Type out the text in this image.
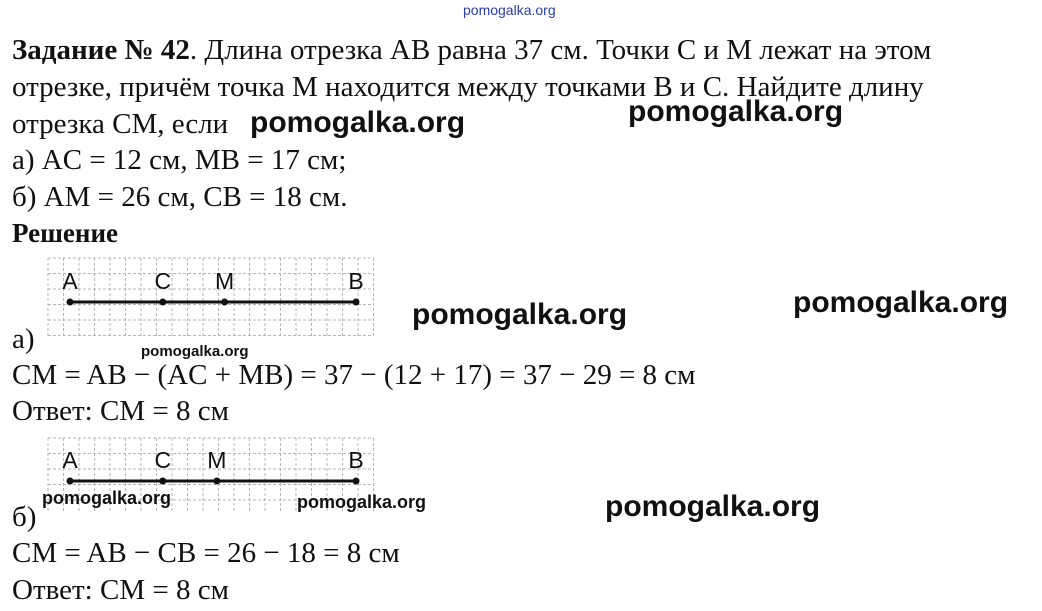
pomogalka.org
Задание № 42. Длина отрезка AB равна 37 см. Точки C и M лежат на этом
отрезке, причём точка M находится между точками B и C. Найдите длину
отрезка CM, если
а) AC = 12 см, MB = 17 см;
б) AM = 26 см, CB = 18 см.
Решение
A	C M	B
а)
CM = AB − (AC + MB) = 37 − (12 + 17) = 37 − 29 = 8 см
Ответ: CM = 8 см
A	C M	B
б)
CM = AB − CB = 26 − 18 = 8 см
Ответ: CM = 8 см
pomogalka.org	pomogalka.org
pomogalka.org
pomogalka.org
pomogalka.org
pomogalka.org	pomogalka.org	pomogalka.org
